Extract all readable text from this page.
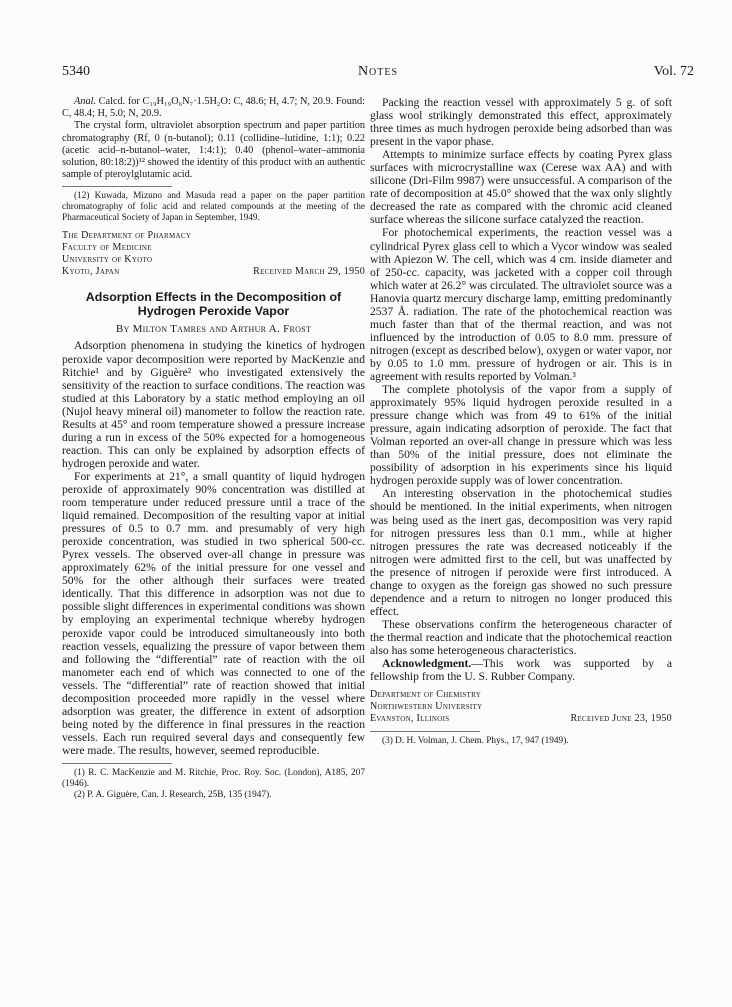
5340	Notes	Vol. 72

Anal. Calcd. for C₁₉H₁₉O₆N₇·1.5H₂O: C, 48.6; H, 4.7; N, 20.9. Found: C, 48.4; H, 5.0; N, 20.9.

The crystal form, ultraviolet absorption spectrum and paper partition chromatography (Rf, 0 (n-butanol); 0.11 (collidine–lutidine, 1:1); 0.22 (acetic acid–n-butanol–water, 1:4:1); 0.40 (phenol–water–ammonia solution, 80:18:2))¹² showed the identity of this product with an authentic sample of pteroylglutamic acid.

(12) Kuwada, Mizuno and Masuda read a paper on the paper partition chromatography of folic acid and related compounds at the meeting of the Pharmaceutical Society of Japan in September, 1949.

The Department of Pharmacy
Faculty of Medicine
University of Kyoto
Kyoto, Japan	Received March 29, 1950
Adsorption Effects in the Decomposition of
Hydrogen Peroxide Vapor
By Milton Tamres and Arthur A. Frost

Adsorption phenomena in studying the kinetics of hydrogen peroxide vapor decomposition were reported by MacKenzie and Ritchie¹ and by Giguère² who investigated extensively the sensitivity of the reaction to surface conditions. The reaction was studied at this Laboratory by a static method employing an oil (Nujol heavy mineral oil) manometer to follow the reaction rate. Results at 45° and room temperature showed a pressure increase during a run in excess of the 50% expected for a homogeneous reaction. This can only be explained by adsorption effects of hydrogen peroxide and water.

For experiments at 21°, a small quantity of liquid hydrogen peroxide of approximately 90% concentration was distilled at room temperature under reduced pressure until a trace of the liquid remained. Decomposition of the resulting vapor at initial pressures of 0.5 to 0.7 mm. and presumably of very high peroxide concentration, was studied in two spherical 500-cc. Pyrex vessels. The observed over-all change in pressure was approximately 62% of the initial pressure for one vessel and 50% for the other although their surfaces were treated identically. That this difference in adsorption was not due to possible slight differences in experimental conditions was shown by employing an experimental technique whereby hydrogen peroxide vapor could be introduced simultaneously into both reaction vessels, equalizing the pressure of vapor between them and following the “differential” rate of reaction with the oil manometer each end of which was connected to one of the vessels. The “differential” rate of reaction showed that initial decomposition proceeded more rapidly in the vessel where adsorption was greater, the difference in extent of adsorption being noted by the difference in final pressures in the reaction vessels. Each run required several days and consequently few were made. The results, however, seemed reproducible.

(1) R. C. MacKenzie and M. Ritchie, Proc. Roy. Soc. (London), A185, 207 (1946).

(2) P. A. Giguère, Can. J. Research, 25B, 135 (1947).

Packing the reaction vessel with approximately 5 g. of soft glass wool strikingly demonstrated this effect, approximately three times as much hydrogen peroxide being adsorbed than was present in the vapor phase.

Attempts to minimize surface effects by coating Pyrex glass surfaces with microcrystalline wax (Cerese wax AA) and with silicone (Dri-Film 9987) were unsuccessful. A comparison of the rate of decomposition at 45.0° showed that the wax only slightly decreased the rate as compared with the chromic acid cleaned surface whereas the silicone surface catalyzed the reaction.

For photochemical experiments, the reaction vessel was a cylindrical Pyrex glass cell to which a Vycor window was sealed with Apiezon W. The cell, which was 4 cm. inside diameter and of 250-cc. capacity, was jacketed with a copper coil through which water at 26.2° was circulated. The ultraviolet source was a Hanovia quartz mercury discharge lamp, emitting predominantly 2537 Å. radiation. The rate of the photochemical reaction was much faster than that of the thermal reaction, and was not influenced by the introduction of 0.05 to 8.0 mm. pressure of nitrogen (except as described below), oxygen or water vapor, nor by 0.05 to 1.0 mm. pressure of hydrogen or air. This is in agreement with results reported by Volman.³

The complete photolysis of the vapor from a supply of approximately 95% liquid hydrogen peroxide resulted in a pressure change which was from 49 to 61% of the initial pressure, again indicating adsorption of peroxide. The fact that Volman reported an over-all change in pressure which was less than 50% of the initial pressure, does not eliminate the possibility of adsorption in his experiments since his liquid hydrogen peroxide supply was of lower concentration.

An interesting observation in the photochemical studies should be mentioned. In the initial experiments, when nitrogen was being used as the inert gas, decomposition was very rapid for nitrogen pressures less than 0.1 mm., while at higher nitrogen pressures the rate was decreased noticeably if the nitrogen were admitted first to the cell, but was unaffected by the presence of nitrogen if peroxide were first introduced. A change to oxygen as the foreign gas showed no such pressure dependence and a return to nitrogen no longer produced this effect.

These observations confirm the heterogeneous character of the thermal reaction and indicate that the photochemical reaction also has some heterogeneous characteristics.

Acknowledgment.—This work was supported by a fellowship from the U. S. Rubber Company.

Department of Chemistry
Northwestern University
Evanston, Illinois	Received June 23, 1950

(3) D. H. Volman, J. Chem. Phys., 17, 947 (1949).
